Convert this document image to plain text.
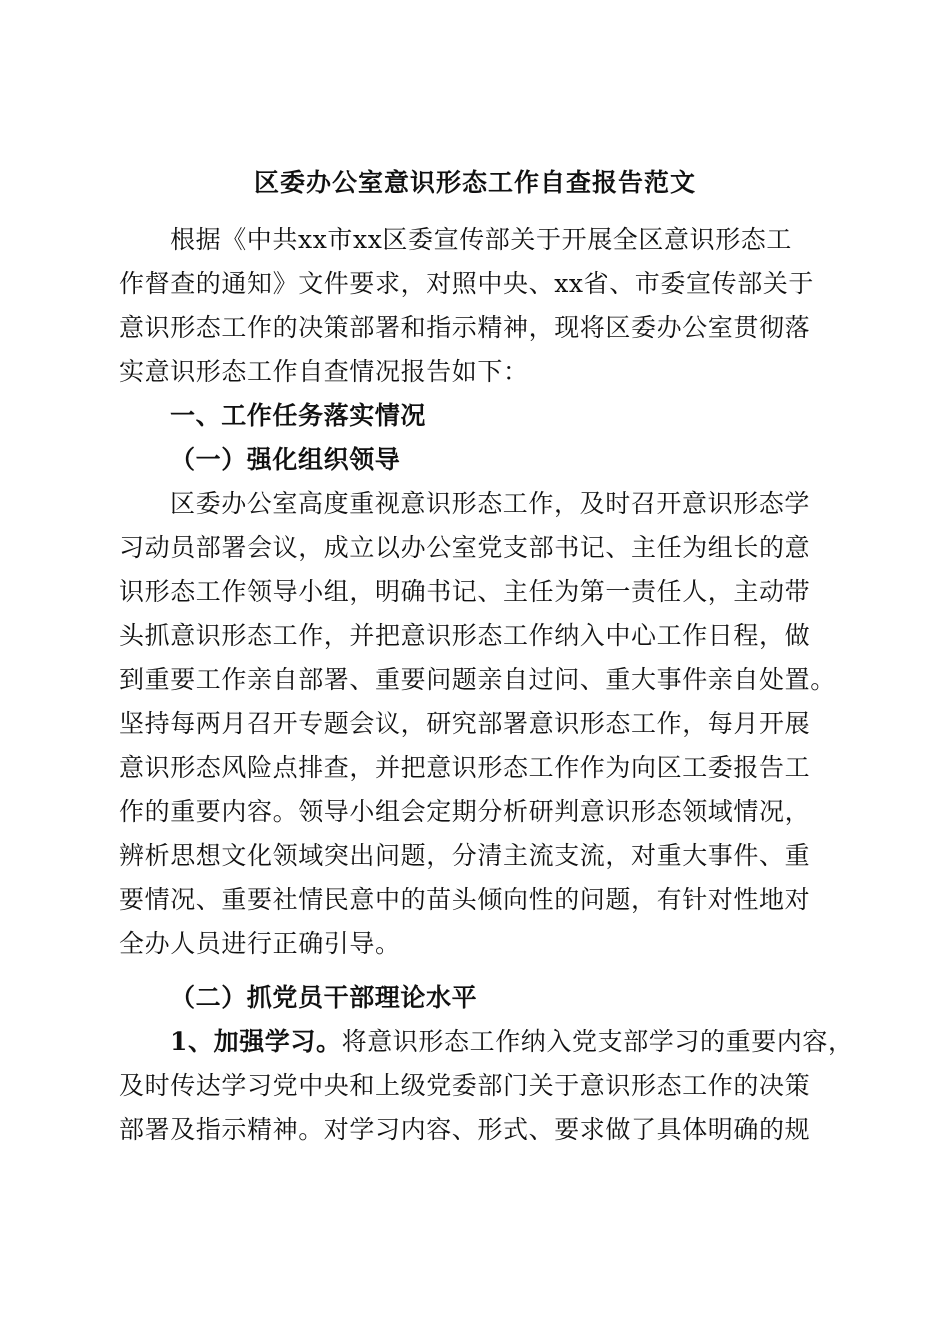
区委办公室意识形态工作自查报告范文
根据《中共xx市xx区委宣传部关于开展全区意识形态工
作督查的通知》文件要求，对照中央、xx省、市委宣传部关于
意识形态工作的决策部署和指示精神，现将区委办公室贯彻落
实意识形态工作自查情况报告如下：
一、工作任务落实情况
（一）强化组织领导
区委办公室高度重视意识形态工作，及时召开意识形态学
习动员部署会议，成立以办公室党支部书记、主任为组长的意
识形态工作领导小组，明确书记、主任为第一责任人，主动带
头抓意识形态工作，并把意识形态工作纳入中心工作日程，做
到重要工作亲自部署、重要问题亲自过问、重大事件亲自处置。
坚持每两月召开专题会议，研究部署意识形态工作，每月开展
意识形态风险点排查，并把意识形态工作作为向区工委报告工
作的重要内容。领导小组会定期分析研判意识形态领域情况，
辨析思想文化领域突出问题，分清主流支流，对重大事件、重
要情况、重要社情民意中的苗头倾向性的问题，有针对性地对
全办人员进行正确引导。
（二）抓党员干部理论水平
1、加强学习。将意识形态工作纳入党支部学习的重要内容，
及时传达学习党中央和上级党委部门关于意识形态工作的决策
部署及指示精神。对学习内容、形式、要求做了具体明确的规
